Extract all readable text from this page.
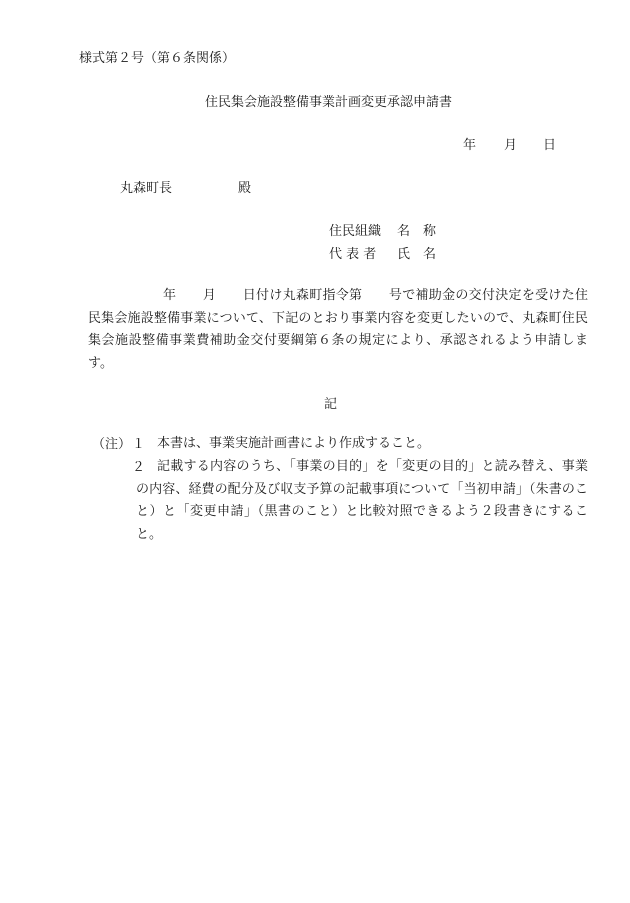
様式第２号（第６条関係）
住民集会施設整備事業計画変更承認申請書
年 月 日
丸森町長	殿
住民組織 名　称
代 表 者 氏　名
年　　月　　日付け丸森町指令第　　号で補助金の交付決定を受けた住民集会施設整備事業について、下記のとおり事業内容を変更したいので、丸森町住民集会施設整備事業費補助金交付要綱第６条の規定により、承認されるよう申請します。
記
（注） １ 本書は、事業実施計画書により作成すること。
２ 記載する内容のうち、「事業の目的」を「変更の目的」と読み替え、事業の内容、経費の配分及び収支予算の記載事項について「当初申請」（朱書のこと）と「変更申請」（黒書のこと）と比較対照できるよう２段書きにすること。
